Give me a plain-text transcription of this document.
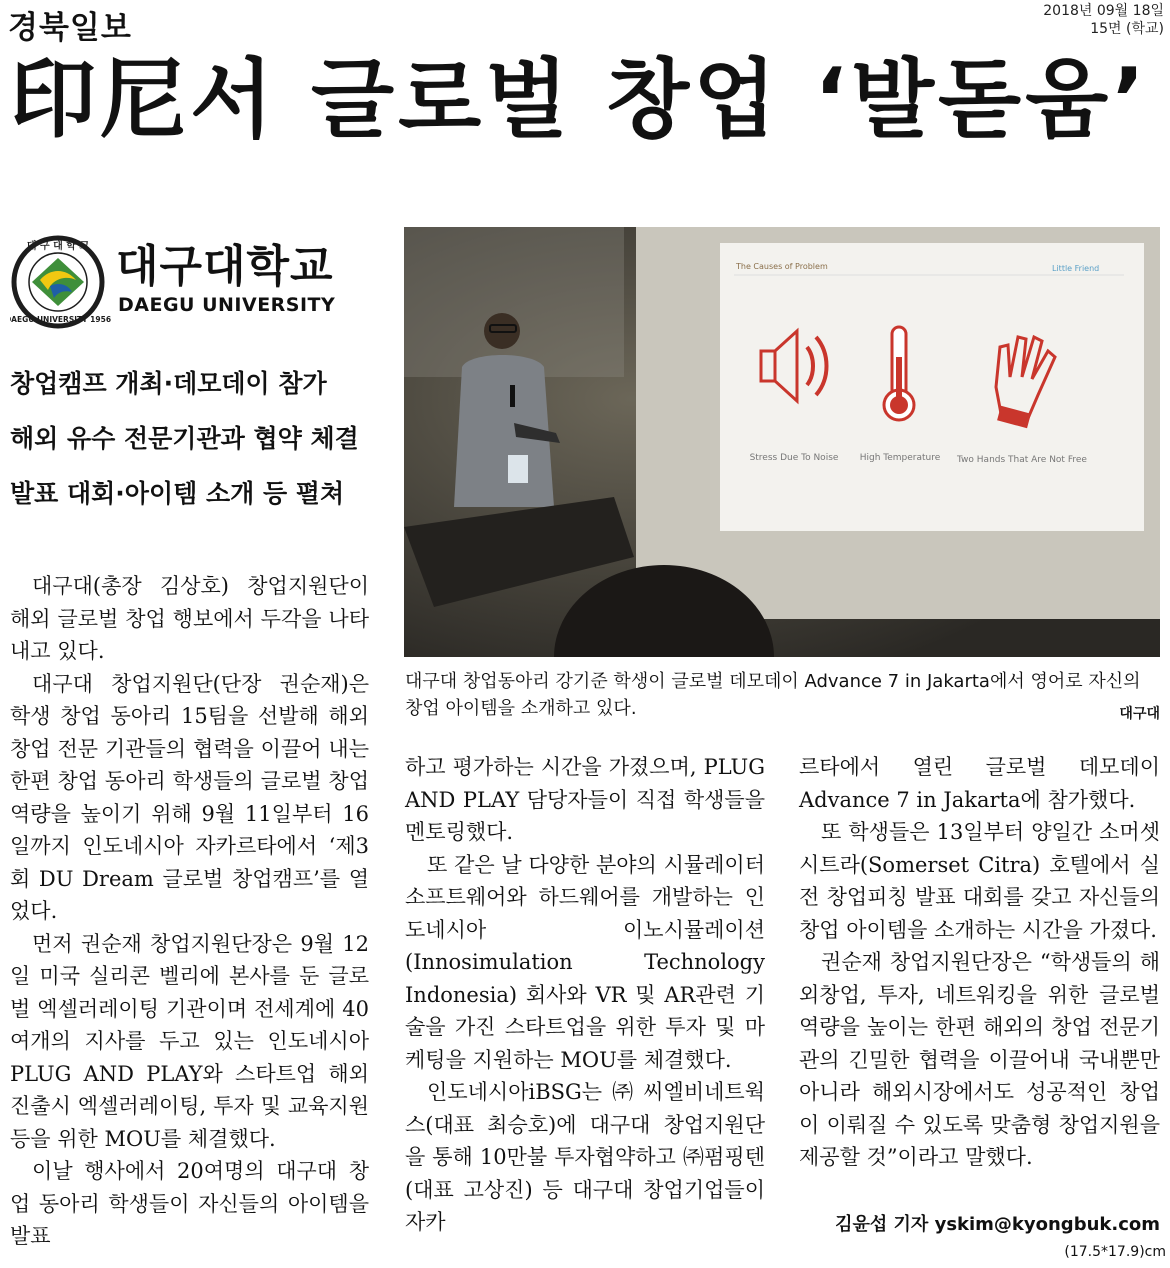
경북일보	2018년 09월 18일
15면 (학교)
印尼서 글로벌 창업 ‘발돋움’
대 구 대 학 교
DAEGU UNIVERSITY 1956
대구대학교
DAEGU UNIVERSITY
창업캠프 개최·데모데이 참가
해외 유수 전문기관과 협약 체결
발표 대회·아이템 소개 등 펼쳐
The Causes of Problem	Little Friend
Stress Due To Noise High Temperature Two Hands That Are Not Free
대구대 창업동아리 강기준 학생이 글로벌 데모데이 Advance 7 in Jakarta에서 영어로 자신의 창업 아이템을 소개하고 있다.	대구대

대구대(총장 김상호) 창업지원단이 해외 글로벌 창업 행보에서 두각을 나타내고 있다.

대구대 창업지원단(단장 권순재)은 학생 창업 동아리 15팀을 선발해 해외 창업 전문 기관들의 협력을 이끌어 내는 한편 창업 동아리 학생들의 글로벌 창업역량을 높이기 위해 9월 11일부터 16일까지 인도네시아 자카르타에서 ‘제3회 DU Dream 글로벌 창업캠프’를 열었다.

먼저 권순재 창업지원단장은 9월 12일 미국 실리콘 벨리에 본사를 둔 글로벌 엑셀러레이팅 기관이며 전세계에 40여개의 지사를 두고 있는 인도네시아 PLUG AND PLAY와 스타트업 해외 진출시 엑셀러레이팅, 투자 및 교육지원 등을 위한 MOU를 체결했다.

이날 행사에서 20여명의 대구대 창업 동아리 학생들이 자신들의 아이템을 발표

하고 평가하는 시간을 가졌으며, PLUG AND PLAY 담당자들이 직접 학생들을 멘토링했다.

또 같은 날 다양한 분야의 시뮬레이터 소프트웨어와 하드웨어를 개발하는 인도네시아 이노시뮬레이션(Innosimulation Technology Indonesia) 회사와 VR 및 AR관련 기술을 가진 스타트업을 위한 투자 및 마케팅을 지원하는 MOU를 체결했다.

인도네시아iBSG는㈜씨엘비네트웍스(대표 최승호)에 대구대 창업지원단을 통해 10만불 투자협약하고 ㈜펌핑텐(대표 고상진) 등 대구대 창업기업들이 자카

르타에서 열린 글로벌 데모데이 Advance 7 in Jakarta에 참가했다.

또 학생들은 13일부터 양일간 소머셋 시트라(Somerset Citra) 호텔에서 실전 창업피칭 발표 대회를 갖고 자신들의 창업 아이템을 소개하는 시간을 가졌다.

권순재 창업지원단장은 “학생들의 해외창업, 투자, 네트워킹을 위한 글로벌 역량을 높이는 한편 해외의 창업 전문기관의 긴밀한 협력을 이끌어내 국내뿐만 아니라 해외시장에서도 성공적인 창업이 이뤄질 수 있도록 맞춤형 창업지원을 제공할 것”이라고 말했다.

김윤섭 기자 yskim@kyongbuk.com
(17.5*17.9)cm
